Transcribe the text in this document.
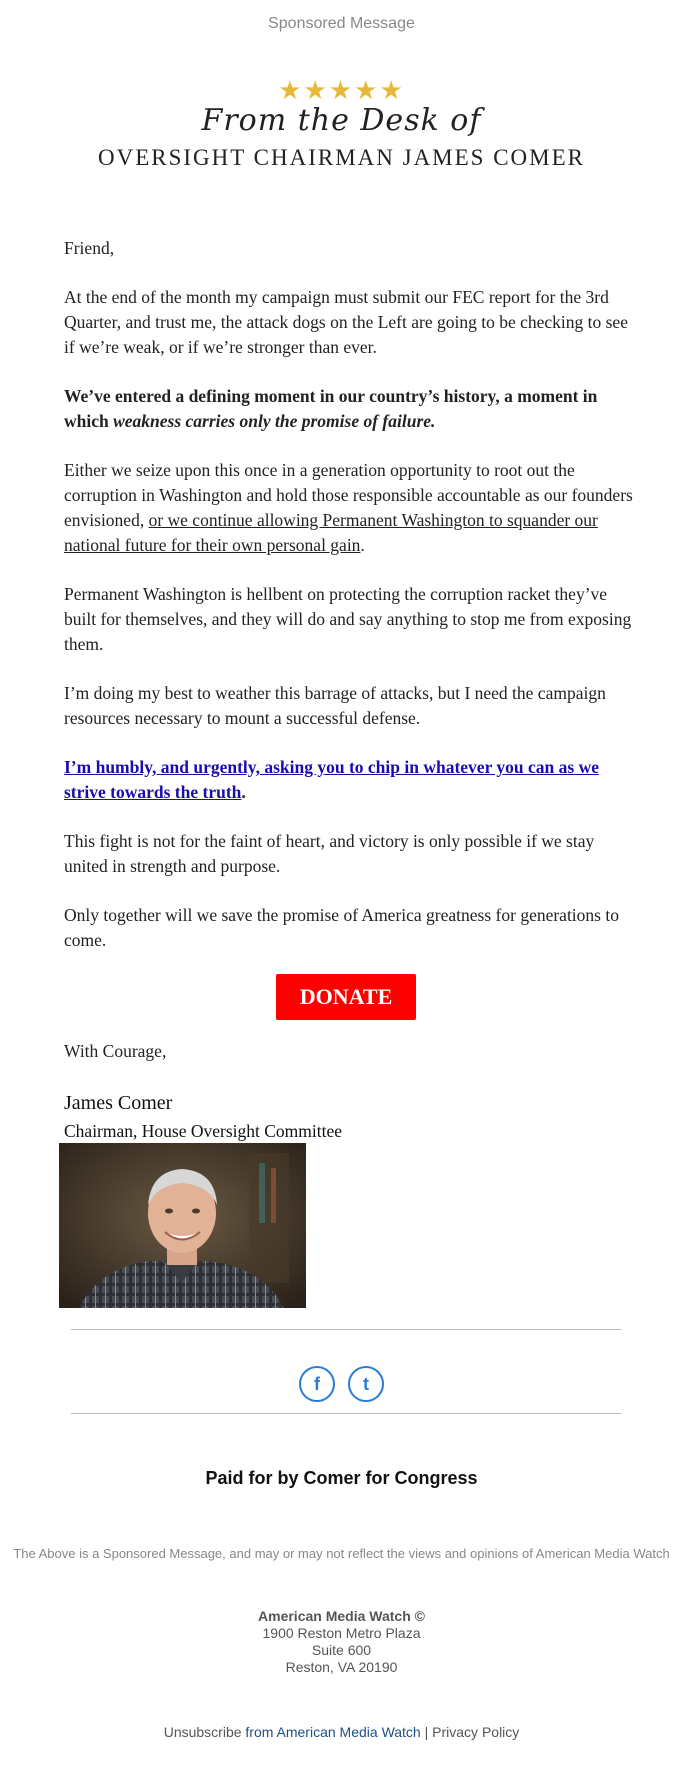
Sponsored Message
★★★★★
From the Desk of
OVERSIGHT CHAIRMAN JAMES COMER

Friend,

At the end of the month my campaign must submit our FEC report for the 3rd Quarter, and trust me, the attack dogs on the Left are going to be checking to see if we’re weak, or if we’re stronger than ever.

We’ve entered a defining moment in our country’s history, a moment in which weakness carries only the promise of failure.

Either we seize upon this once in a generation opportunity to root out the corruption in Washington and hold those responsible accountable as our founders envisioned, or we continue allowing Permanent Washington to squander our national future for their own personal gain.

Permanent Washington is hellbent on protecting the corruption racket they’ve built for themselves, and they will do and say anything to stop me from exposing them.

I’m doing my best to weather this barrage of attacks, but I need the campaign resources necessary to mount a successful defense.

I’m humbly, and urgently, asking you to chip in whatever you can as we strive towards the truth.

This fight is not for the faint of heart, and victory is only possible if we stay united in strength and purpose.

Only together will we save the promise of America greatness for generations to come.

DONATE
With Courage,
James Comer
Chairman, House Oversight Committee
f t
Paid for by Comer for Congress
The Above is a Sponsored Message, and may or may not reflect the views and opinions of American Media Watch
American Media Watch ©
1900 Reston Metro Plaza
Suite 600
Reston, VA 20190
Unsubscribe from American Media Watch | Privacy Policy
